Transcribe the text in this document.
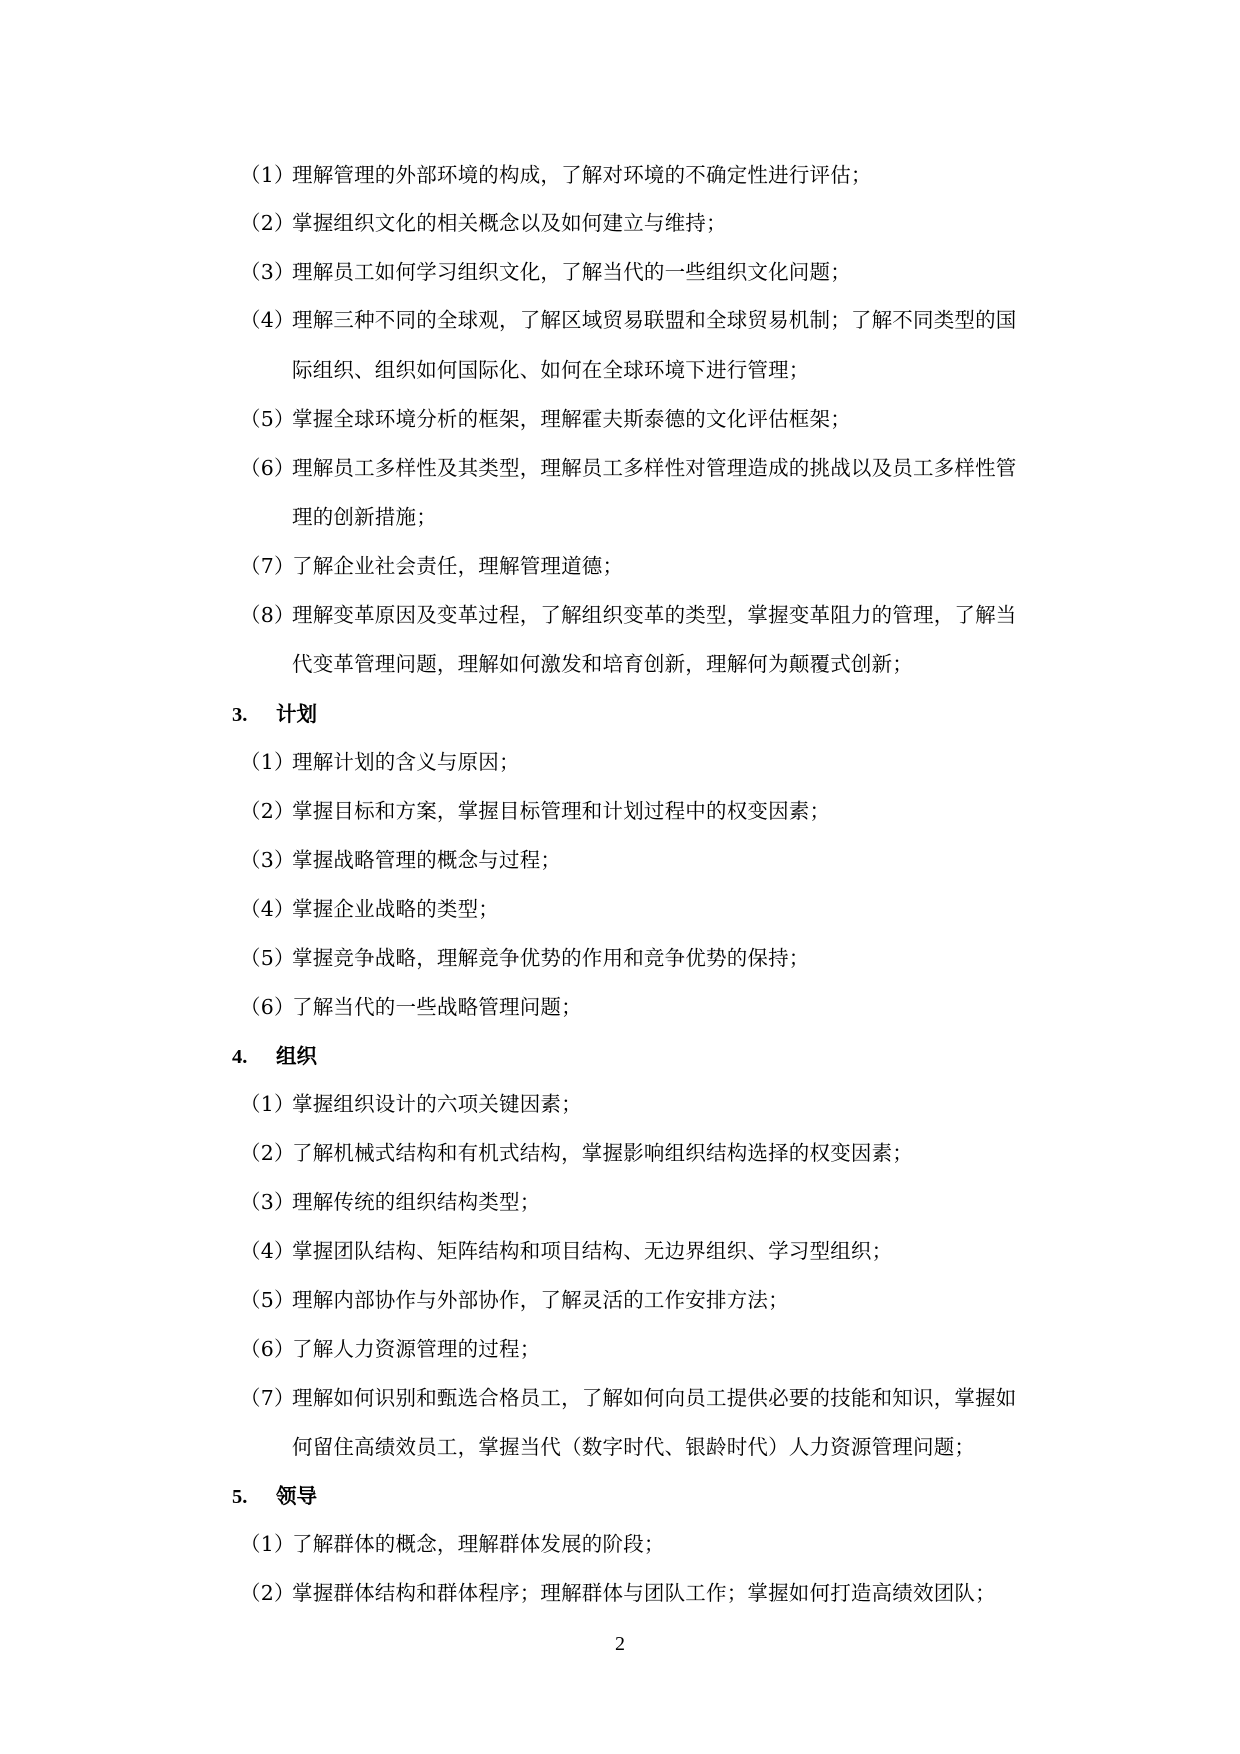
（1）
理解管理的外部环境的构成，了解对环境的不确定性进行评估；
（2）
掌握组织文化的相关概念以及如何建立与维持；
（3）
理解员工如何学习组织文化，了解当代的一些组织文化问题；
（4）
理解三种不同的全球观，了解区域贸易联盟和全球贸易机制；了解不同类型的国
际组织、组织如何国际化、如何在全球环境下进行管理；
（5）
掌握全球环境分析的框架，理解霍夫斯泰德的文化评估框架；
（6）
理解员工多样性及其类型，理解员工多样性对管理造成的挑战以及员工多样性管
理的创新措施；
（7）
了解企业社会责任，理解管理道德；
（8）
理解变革原因及变革过程，了解组织变革的类型，掌握变革阻力的管理，了解当
代变革管理问题，理解如何激发和培育创新，理解何为颠覆式创新；
3. 计划
（1）
理解计划的含义与原因；
（2）
掌握目标和方案，掌握目标管理和计划过程中的权变因素；
（3）
掌握战略管理的概念与过程；
（4）
掌握企业战略的类型；
（5）
掌握竞争战略，理解竞争优势的作用和竞争优势的保持；
（6）
了解当代的一些战略管理问题；
4. 组织
（1）
掌握组织设计的六项关键因素；
（2）
了解机械式结构和有机式结构，掌握影响组织结构选择的权变因素；
（3）
理解传统的组织结构类型；
（4）
掌握团队结构、矩阵结构和项目结构、无边界组织、学习型组织；
（5）
理解内部协作与外部协作，了解灵活的工作安排方法；
（6）
了解人力资源管理的过程；
（7）
理解如何识别和甄选合格员工，了解如何向员工提供必要的技能和知识，掌握如
何留住高绩效员工，掌握当代（数字时代、银龄时代）人力资源管理问题；
5. 领导
（1）
了解群体的概念，理解群体发展的阶段；
（2）
掌握群体结构和群体程序；理解群体与团队工作；掌握如何打造高绩效团队；
2
